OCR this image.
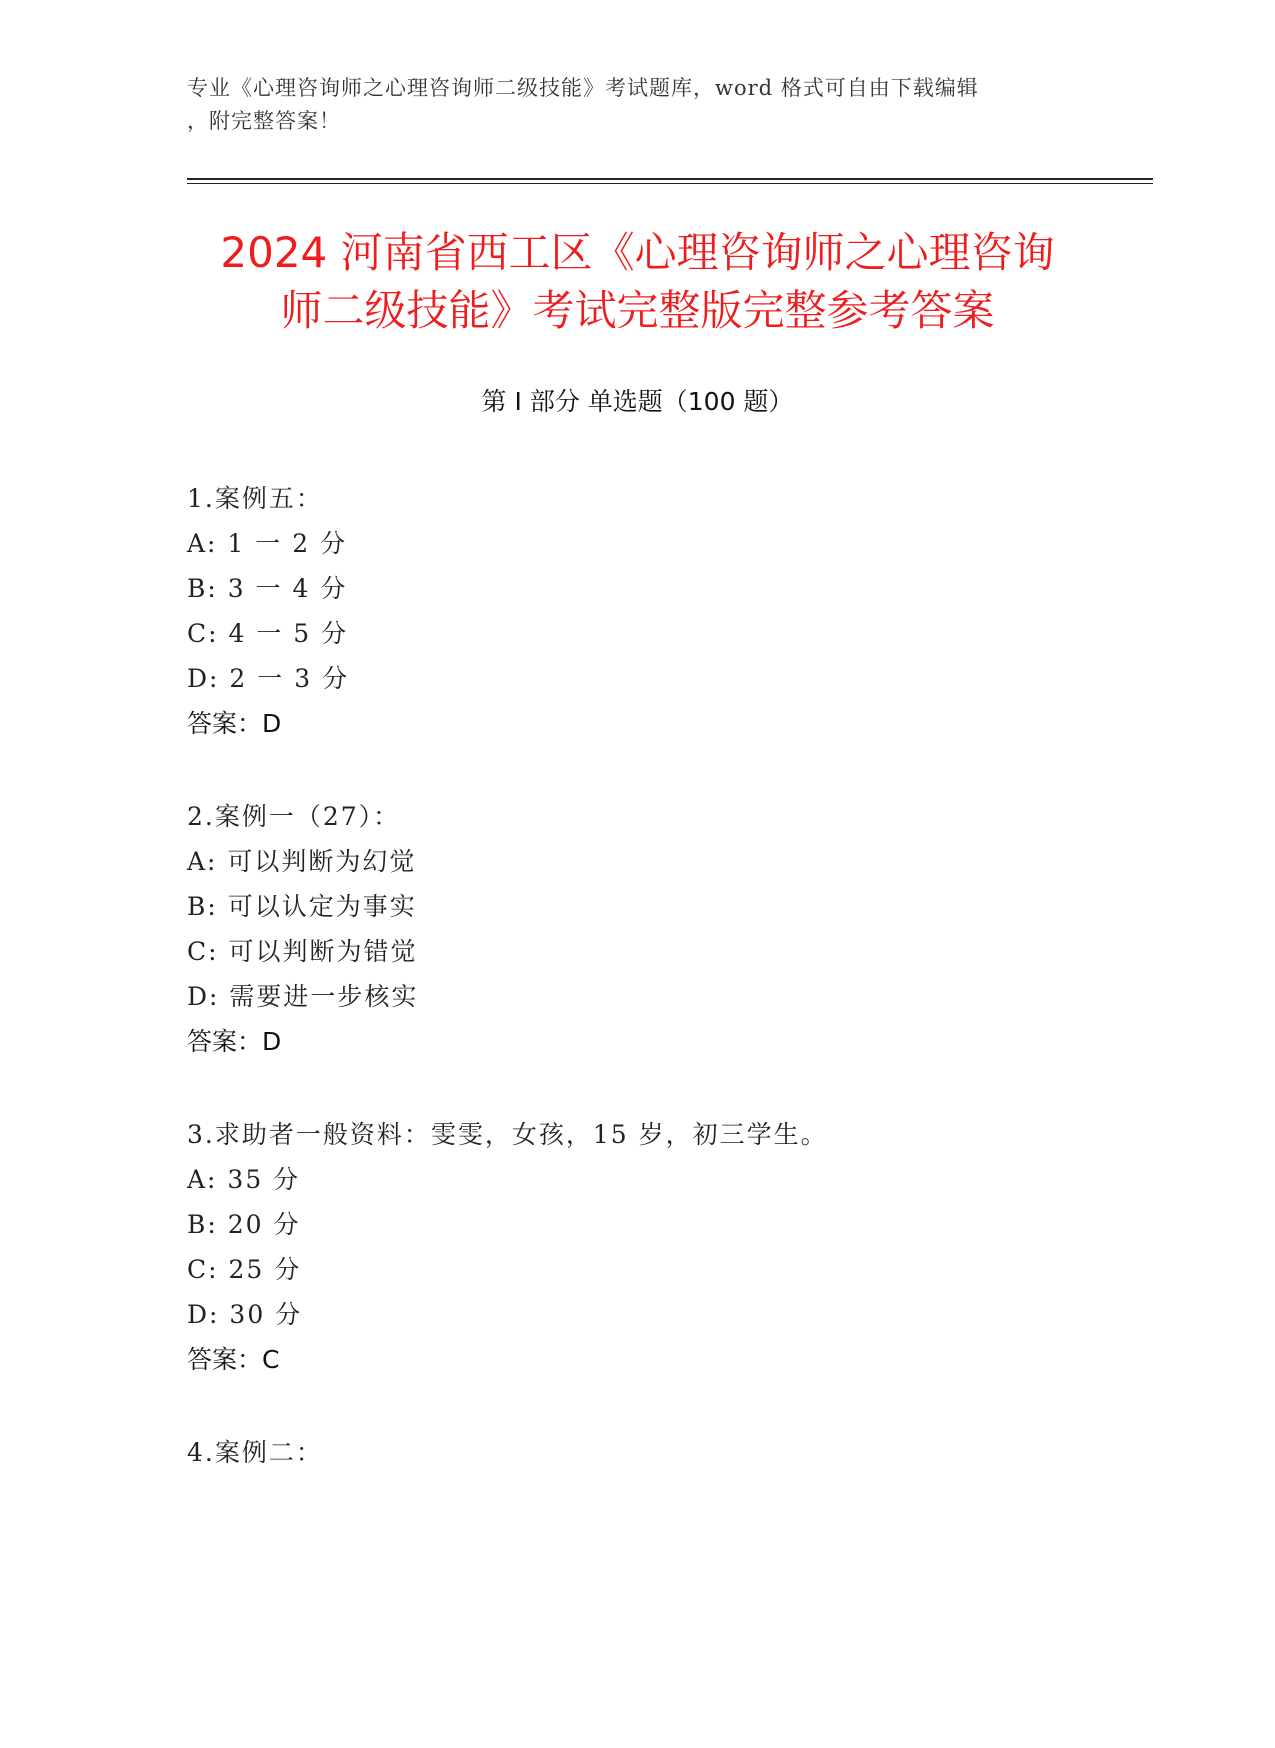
专业《心理咨询师之心理咨询师二级技能》考试题库，word 格式可自由下载编辑
，附完整答案！
2024 河南省西工区《心理咨询师之心理咨询
师二级技能》考试完整版完整参考答案
第 I 部分 单选题（100 题）
1.案例五：
A: 1 一 2 分
B: 3 一 4 分
C: 4 一 5 分
D: 2 一 3 分
答案：D
2.案例一（27）：
A: 可以判断为幻觉
B: 可以认定为事实
C: 可以判断为错觉
D: 需要进一步核实
答案：D
3.求助者一般资料：雯雯，女孩，15 岁，初三学生。
A: 35 分
B: 20 分
C: 25 分
D: 30 分
答案：C
4.案例二：
